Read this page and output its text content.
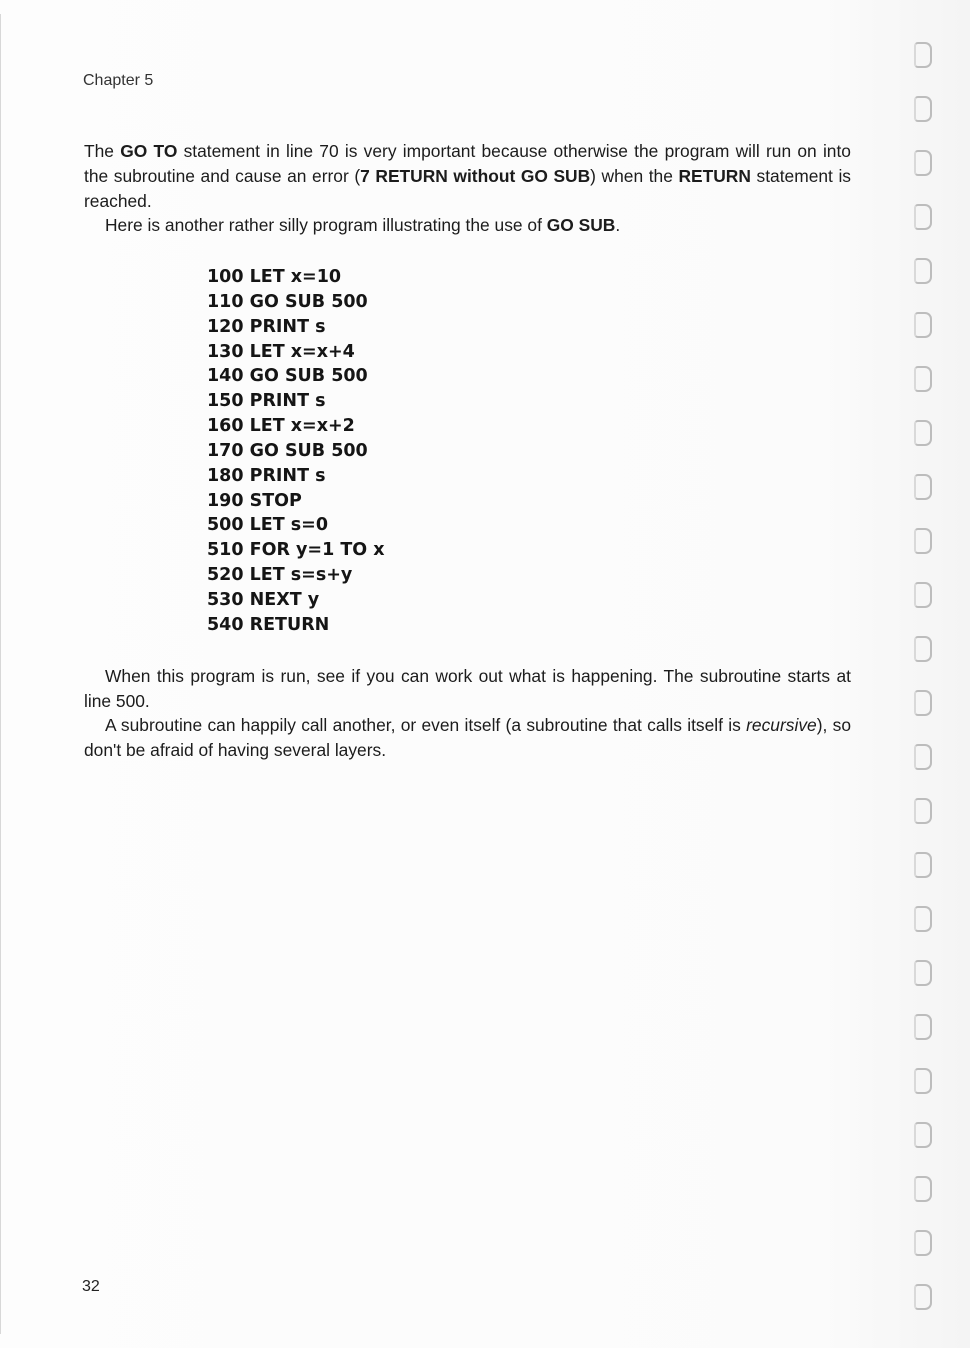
Chapter 5

The GO TO statement in line 70 is very important because otherwise the program will run on into the subroutine and cause an error (7 RETURN without GO SUB) when the RETURN statement is reached.

Here is another rather silly program illustrating the use of GO SUB.

100 LET x=10
110 GO SUB 500
120 PRINT s
130 LET x=x+4
140 GO SUB 500
150 PRINT s
160 LET x=x+2
170 GO SUB 500
180 PRINT s
190 STOP
500 LET s=0
510 FOR y=1 TO x
520 LET s=s+y
530 NEXT y
540 RETURN

When this program is run, see if you can work out what is happening. The subroutine starts at line 500.

A subroutine can happily call another, or even itself (a subroutine that calls itself is recursive), so don't be afraid of having several layers.

32
